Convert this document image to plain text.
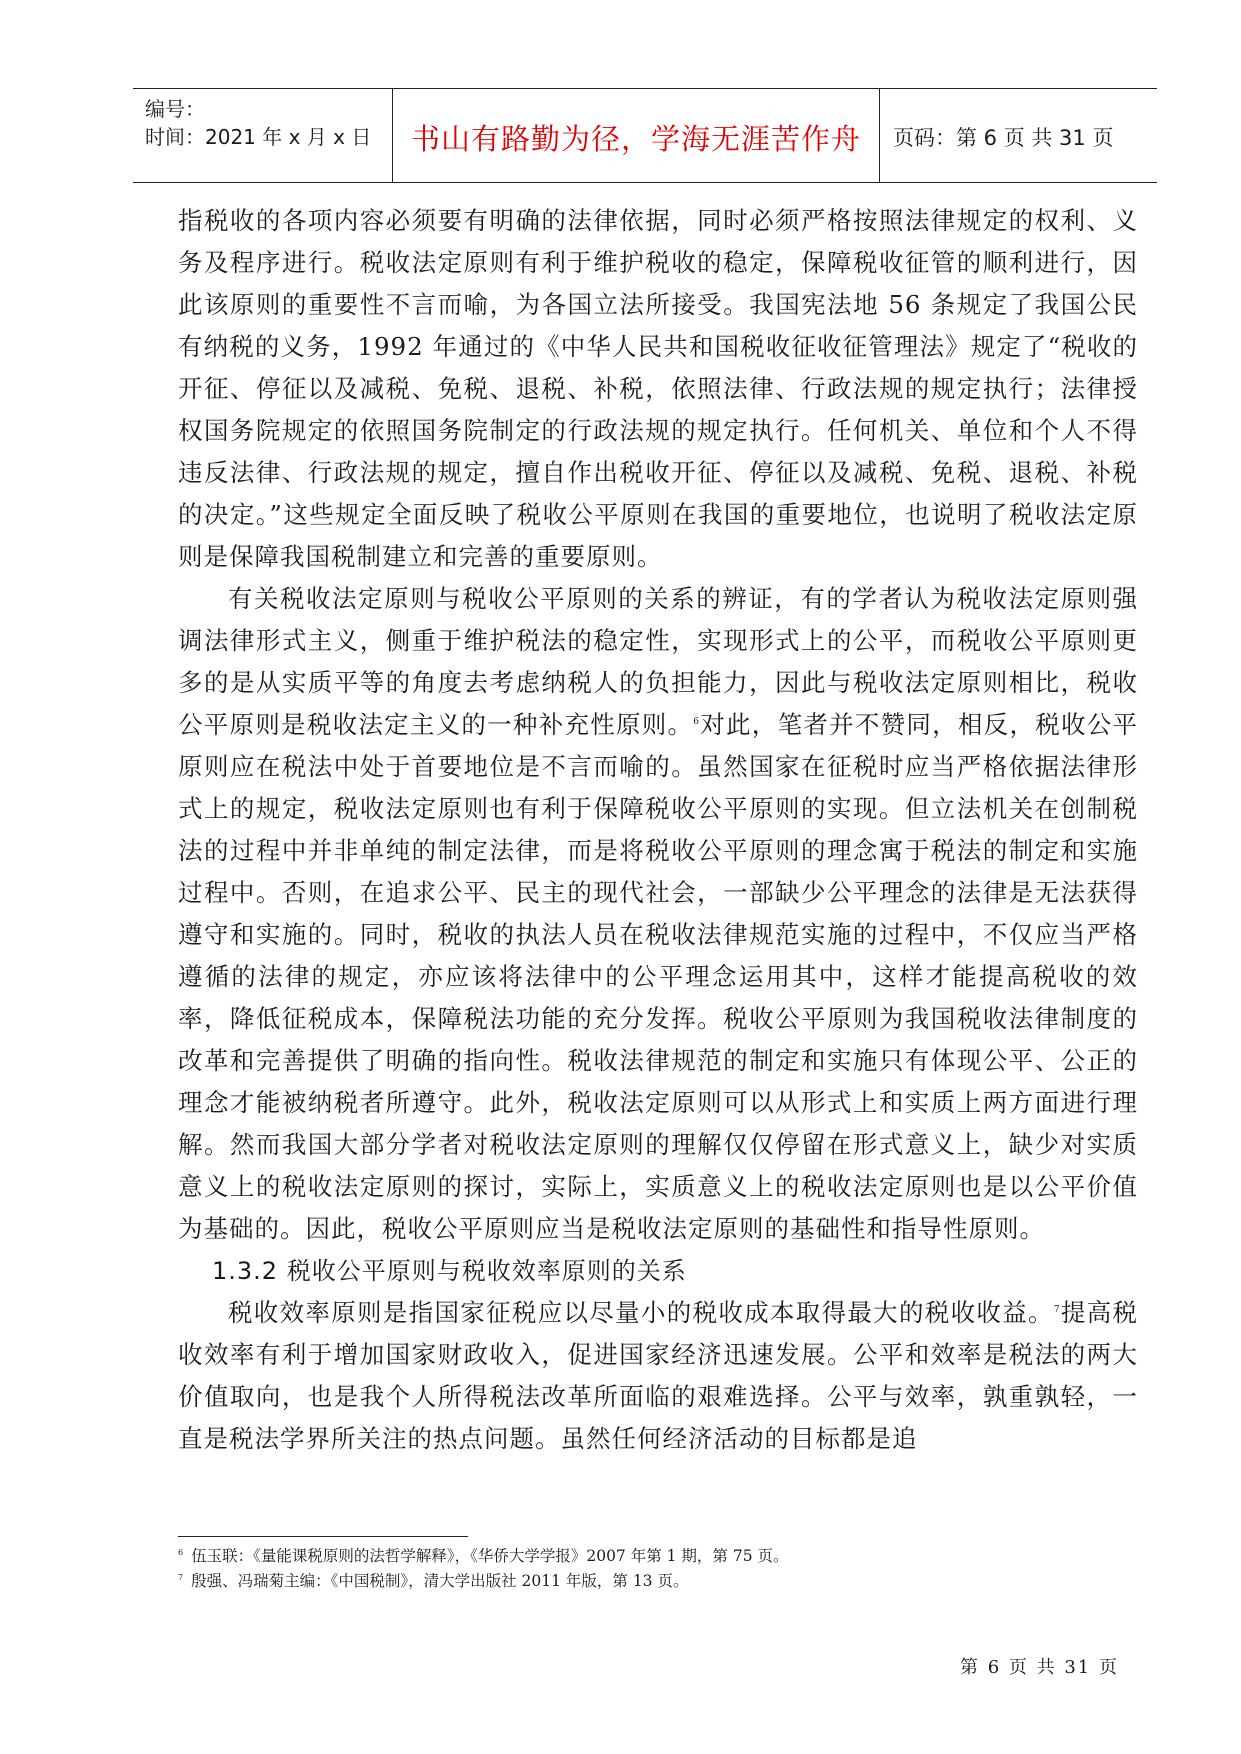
编号：
时间：2021 年 x 月 x 日	书山有路勤为径，学海无涯苦作舟	页码：第 6 页 共 31 页

指税收的各项内容必须要有明确的法律依据，同时必须严格按照法律规定的权利、义务及程序进行。税收法定原则有利于维护税收的稳定，保障税收征管的顺利进行，因此该原则的重要性不言而喻，为各国立法所接受。我国宪法地 56 条规定了我国公民有纳税的义务，1992 年通过的《中华人民共和国税收征收征管理法》规定了“税收的开征、停征以及减税、免税、退税、补税，依照法律、行政法规的规定执行；法律授权国务院规定的依照国务院制定的行政法规的规定执行。任何机关、单位和个人不得违反法律、行政法规的规定，擅自作出税收开征、停征以及减税、免税、退税、补税的决定。”这些规定全面反映了税收公平原则在我国的重要地位，也说明了税收法定原则是保障我国税制建立和完善的重要原则。

有关税收法定原则与税收公平原则的关系的辨证，有的学者认为税收法定原则强调法律形式主义，侧重于维护税法的稳定性，实现形式上的公平，而税收公平原则更多的是从实质平等的角度去考虑纳税人的负担能力，因此与税收法定原则相比，税收公平原则是税收法定主义的一种补充性原则。$^6$对此，笔者并不赞同，相反，税收公平原则应在税法中处于首要地位是不言而喻的。虽然国家在征税时应当严格依据法律形式上的规定，税收法定原则也有利于保障税收公平原则的实现。但立法机关在创制税法的过程中并非单纯的制定法律，而是将税收公平原则的理念寓于税法的制定和实施过程中。否则，在追求公平、民主的现代社会，一部缺少公平理念的法律是无法获得遵守和实施的。同时，税收的执法人员在税收法律规范实施的过程中，不仅应当严格遵循的法律的规定，亦应该将法律中的公平理念运用其中，这样才能提高税收的效率，降低征税成本，保障税法功能的充分发挥。税收公平原则为我国税收法律制度的改革和完善提供了明确的指向性。税收法律规范的制定和实施只有体现公平、公正的理念才能被纳税者所遵守。此外，税收法定原则可以从形式上和实质上两方面进行理解。然而我国大部分学者对税收法定原则的理解仅仅停留在形式意义上，缺少对实质意义上的税收法定原则的探讨，实际上，实质意义上的税收法定原则也是以公平价值为基础的。因此，税收公平原则应当是税收法定原则的基础性和指导性原则。

1.3.2 税收公平原则与税收效率原则的关系

税收效率原则是指国家征税应以尽量小的税收成本取得最大的税收收益。$^7$提高税收效率有利于增加国家财政收入，促进国家经济迅速发展。公平和效率是税法的两大价值取向，也是我个人所得税法改革所面临的艰难选择。公平与效率，孰重孰轻，一直是税法学界所关注的热点问题。虽然任何经济活动的目标都是追

$^6$ 伍玉联：《量能课税原则的法哲学解释》，《华侨大学学报》2007 年第 1 期，第 75 页。
$^7$ 殷强、冯瑞菊主编：《中国税制》，清大学出版社 2011 年版，第 13 页。
第 6 页 共 31 页
